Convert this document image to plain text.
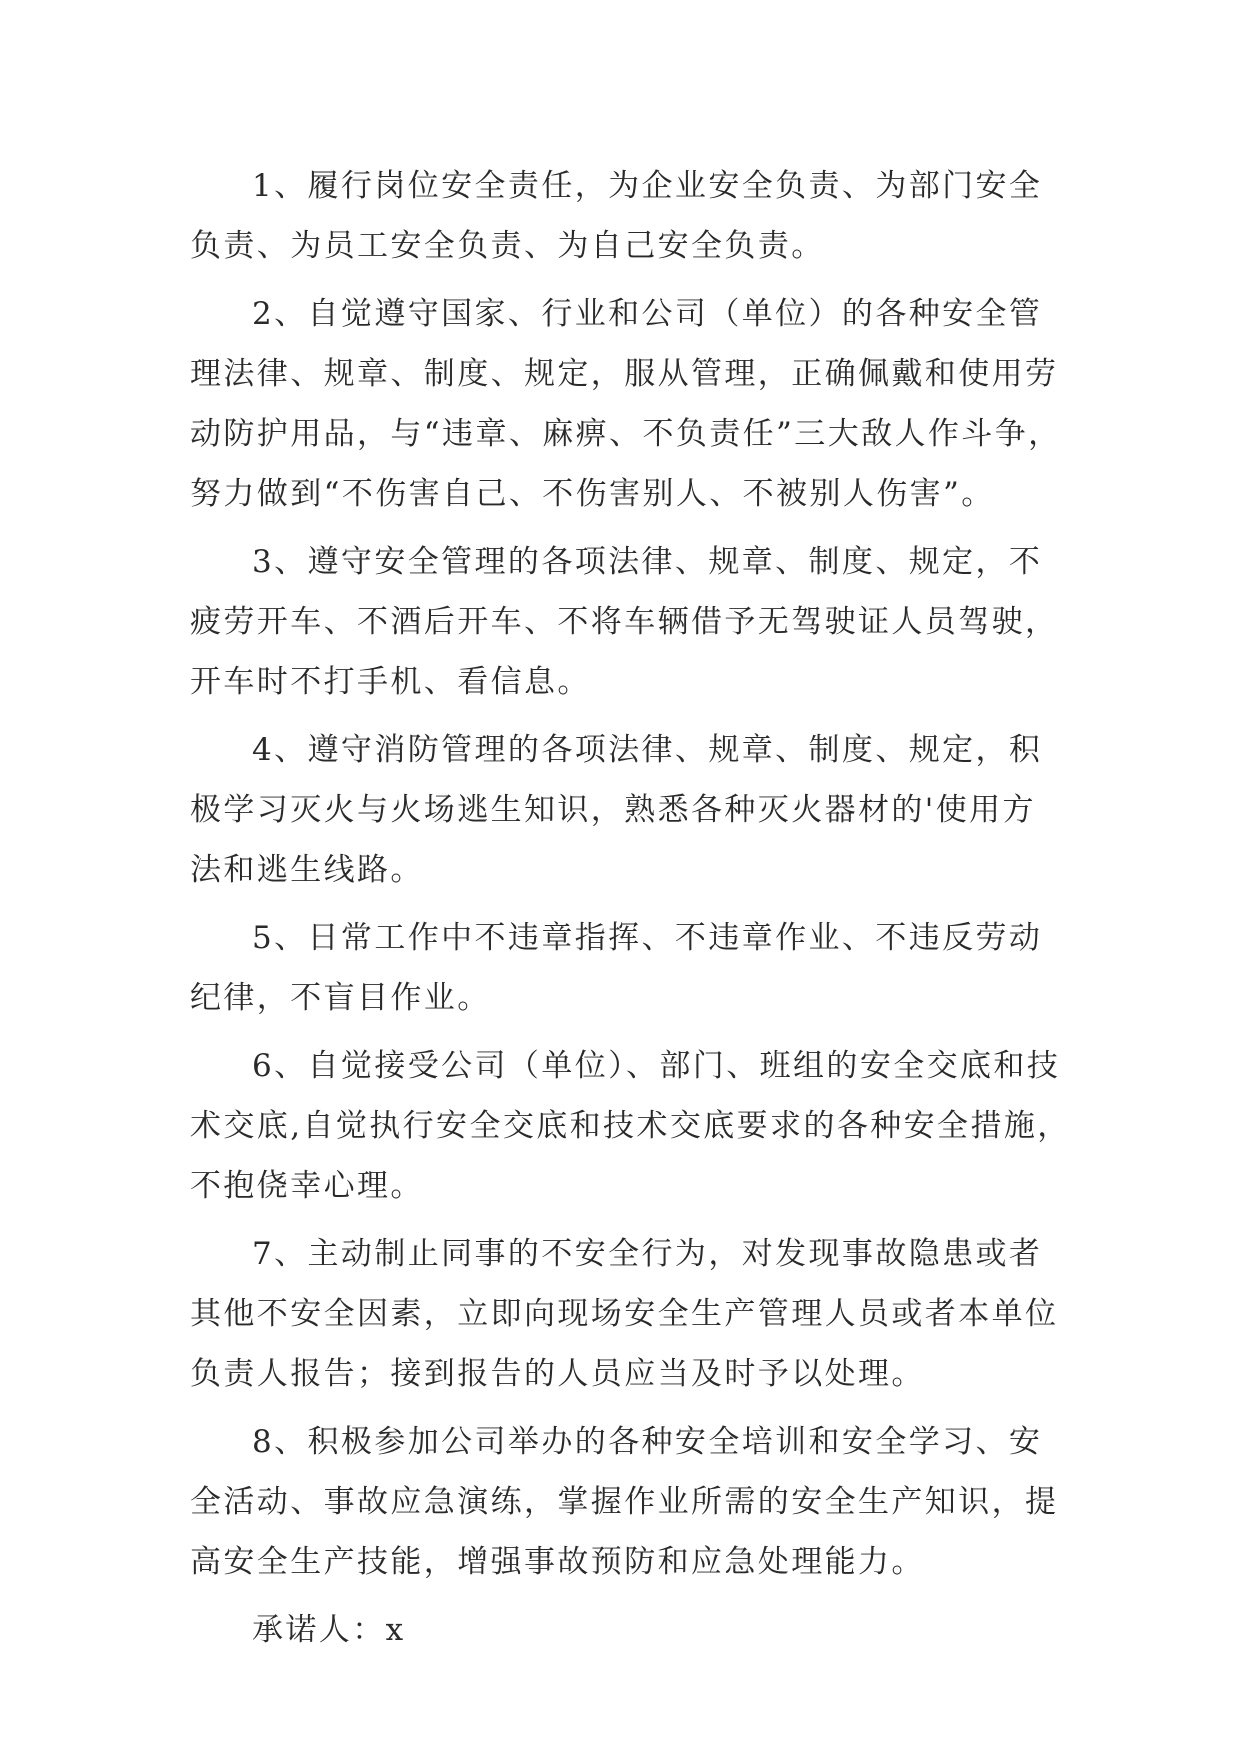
1、履行岗位安全责任，为企业安全负责、为部门安全
负责、为员工安全负责、为自己安全负责。
2、自觉遵守国家、行业和公司（单位）的各种安全管
理法律、规章、制度、规定，服从管理，正确佩戴和使用劳
动防护用品，与“违章、麻痹、不负责任”三大敌人作斗争，
努力做到“不伤害自己、不伤害别人、不被别人伤害”。
3、遵守安全管理的各项法律、规章、制度、规定，不
疲劳开车、不酒后开车、不将车辆借予无驾驶证人员驾驶，
开车时不打手机、看信息。
4、遵守消防管理的各项法律、规章、制度、规定，积
极学习灭火与火场逃生知识，熟悉各种灭火器材的'使用方
法和逃生线路。
5、日常工作中不违章指挥、不违章作业、不违反劳动
纪律，不盲目作业。
6、自觉接受公司（单位）、部门、班组的安全交底和技
术交底,自觉执行安全交底和技术交底要求的各种安全措施，
不抱侥幸心理。
7、主动制止同事的不安全行为，对发现事故隐患或者
其他不安全因素，立即向现场安全生产管理人员或者本单位
负责人报告；接到报告的人员应当及时予以处理。
8、积极参加公司举办的各种安全培训和安全学习、安
全活动、事故应急演练，掌握作业所需的安全生产知识，提
高安全生产技能，增强事故预防和应急处理能力。
承诺人：x
